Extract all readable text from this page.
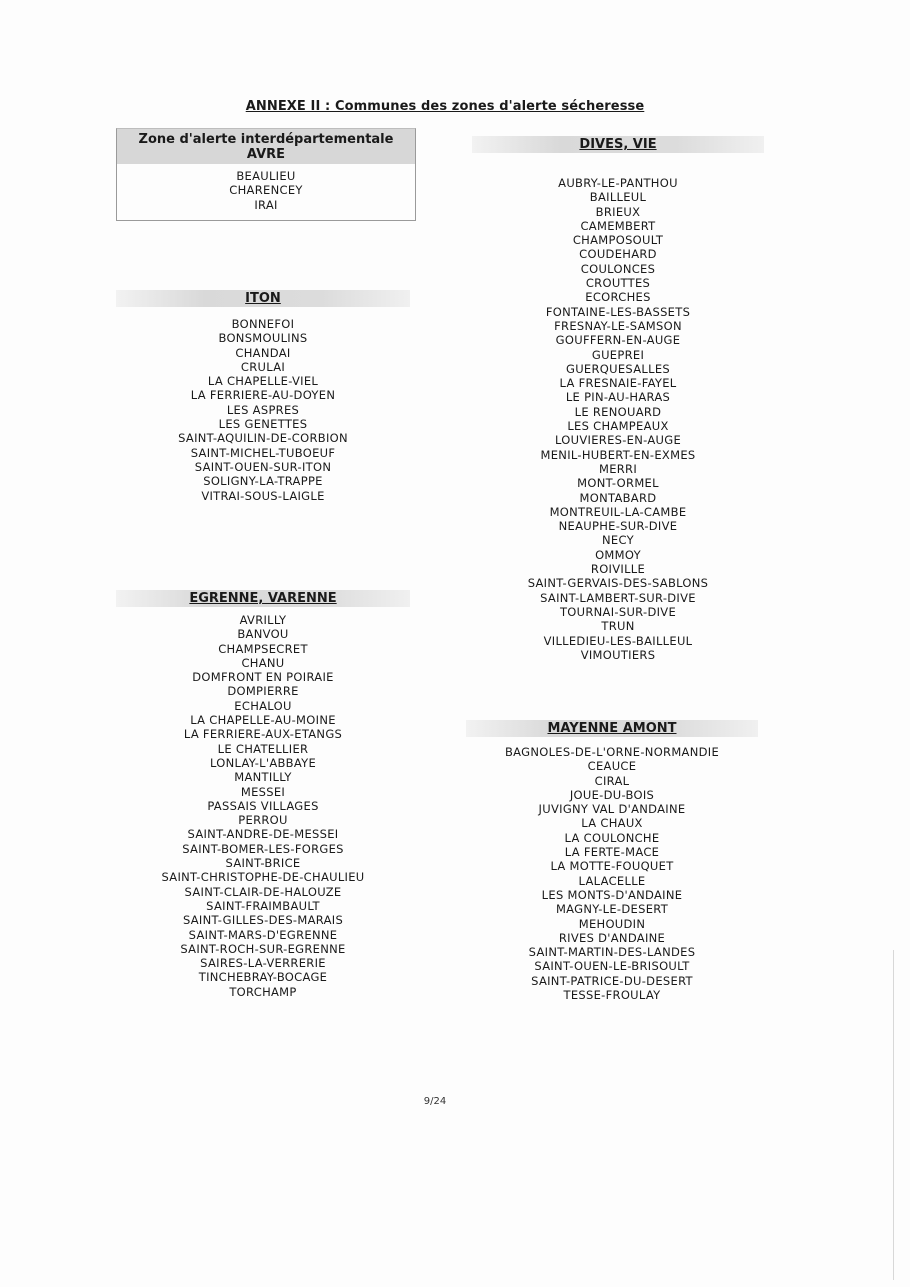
ANNEXE II : Communes des zones d'alerte sécheresse
Zone d'alerte interdépartementale
AVRE
BEAULIEU
CHARENCEY
IRAI
ITON
BONNEFOI
BONSMOULINS
CHANDAI
CRULAI
LA CHAPELLE-VIEL
LA FERRIERE-AU-DOYEN
LES ASPRES
LES GENETTES
SAINT-AQUILIN-DE-CORBION
SAINT-MICHEL-TUBOEUF
SAINT-OUEN-SUR-ITON
SOLIGNY-LA-TRAPPE
VITRAI-SOUS-LAIGLE
EGRENNE, VARENNE
AVRILLY
BANVOU
CHAMPSECRET
CHANU
DOMFRONT EN POIRAIE
DOMPIERRE
ECHALOU
LA CHAPELLE-AU-MOINE
LA FERRIERE-AUX-ETANGS
LE CHATELLIER
LONLAY-L'ABBAYE
MANTILLY
MESSEI
PASSAIS VILLAGES
PERROU
SAINT-ANDRE-DE-MESSEI
SAINT-BOMER-LES-FORGES
SAINT-BRICE
SAINT-CHRISTOPHE-DE-CHAULIEU
SAINT-CLAIR-DE-HALOUZE
SAINT-FRAIMBAULT
SAINT-GILLES-DES-MARAIS
SAINT-MARS-D'EGRENNE
SAINT-ROCH-SUR-EGRENNE
SAIRES-LA-VERRERIE
TINCHEBRAY-BOCAGE
TORCHAMP
DIVES, VIE
AUBRY-LE-PANTHOU
BAILLEUL
BRIEUX
CAMEMBERT
CHAMPOSOULT
COUDEHARD
COULONCES
CROUTTES
ECORCHES
FONTAINE-LES-BASSETS
FRESNAY-LE-SAMSON
GOUFFERN-EN-AUGE
GUEPREI
GUERQUESALLES
LA FRESNAIE-FAYEL
LE PIN-AU-HARAS
LE RENOUARD
LES CHAMPEAUX
LOUVIERES-EN-AUGE
MENIL-HUBERT-EN-EXMES
MERRI
MONT-ORMEL
MONTABARD
MONTREUIL-LA-CAMBE
NEAUPHE-SUR-DIVE
NECY
OMMOY
ROIVILLE
SAINT-GERVAIS-DES-SABLONS
SAINT-LAMBERT-SUR-DIVE
TOURNAI-SUR-DIVE
TRUN
VILLEDIEU-LES-BAILLEUL
VIMOUTIERS
MAYENNE AMONT
BAGNOLES-DE-L'ORNE-NORMANDIE
CEAUCE
CIRAL
JOUE-DU-BOIS
JUVIGNY VAL D'ANDAINE
LA CHAUX
LA COULONCHE
LA FERTE-MACE
LA MOTTE-FOUQUET
LALACELLE
LES MONTS-D'ANDAINE
MAGNY-LE-DESERT
MEHOUDIN
RIVES D'ANDAINE
SAINT-MARTIN-DES-LANDES
SAINT-OUEN-LE-BRISOULT
SAINT-PATRICE-DU-DESERT
TESSE-FROULAY
9/24
